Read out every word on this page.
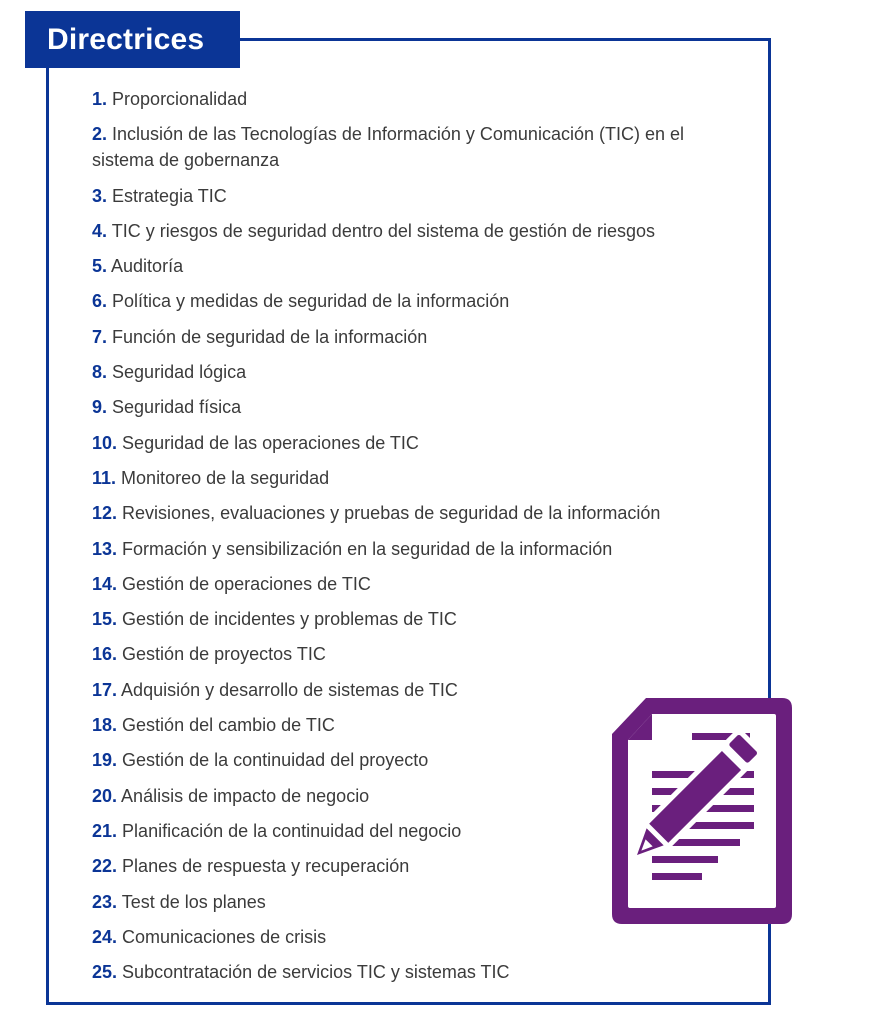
Directrices
1. Proporcionalidad
2. Inclusión de las Tecnologías de Información y Comunicación (TIC) en el sistema de gobernanza
3. Estrategia TIC
4. TIC y riesgos de seguridad dentro del sistema de gestión de riesgos
5. Auditoría
6. Política y medidas de seguridad de la información
7. Función de seguridad de la información
8. Seguridad lógica
9. Seguridad física
10. Seguridad de las operaciones de TIC
11. Monitoreo de la seguridad
12. Revisiones, evaluaciones y pruebas de seguridad de la información
13. Formación y sensibilización en la seguridad de la información
14. Gestión de operaciones de TIC
15. Gestión de incidentes y problemas de TIC
16. Gestión de proyectos TIC
17. Adquisión y desarrollo de sistemas de TIC
18. Gestión del cambio de TIC
19. Gestión de la continuidad del proyecto
20. Análisis de impacto de negocio
21. Planificación de la continuidad del negocio
22. Planes de respuesta y recuperación
23. Test de los planes
24. Comunicaciones de crisis
25. Subcontratación de servicios TIC y sistemas TIC
